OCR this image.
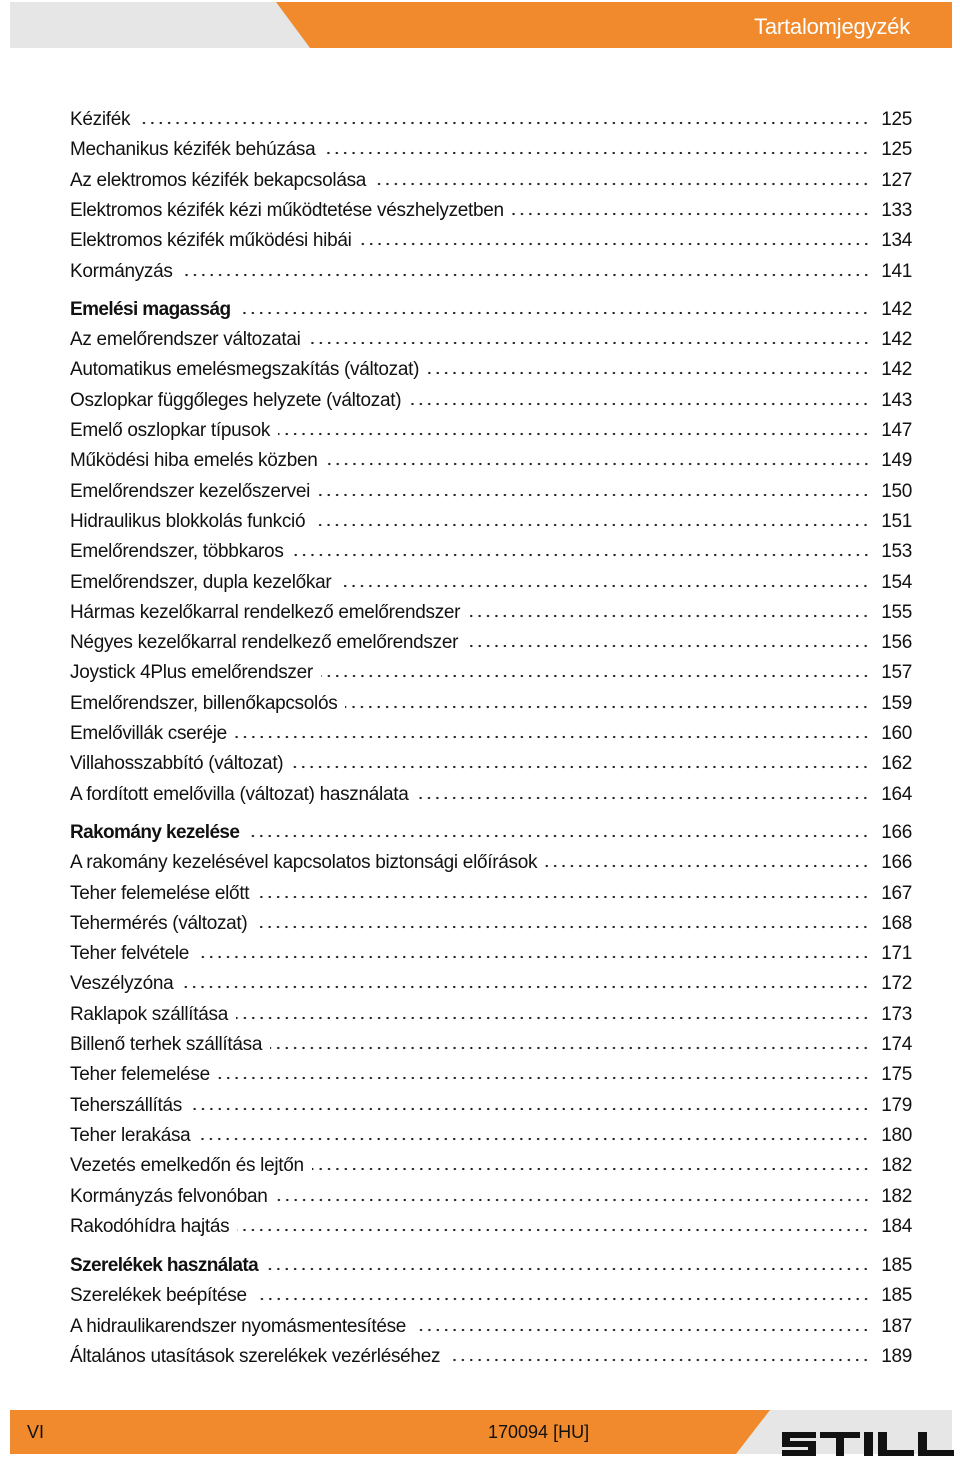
Tartalomjegyzék
Kézifék	125
Mechanikus kézifék behúzása	125
Az elektromos kézifék bekapcsolása	127
Elektromos kézifék kézi működtetése vészhelyzetben	133
Elektromos kézifék működési hibái	134
Kormányzás	141
Emelési magasság	142
Az emelőrendszer változatai	142
Automatikus emelésmegszakítás (változat)	142
Oszlopkar függőleges helyzete (változat)	143
Emelő oszlopkar típusok	147
Működési hiba emelés közben	149
Emelőrendszer kezelőszervei	150
Hidraulikus blokkolás funkció	151
Emelőrendszer, többkaros	153
Emelőrendszer, dupla kezelőkar	154
Hármas kezelőkarral rendelkező emelőrendszer	155
Négyes kezelőkarral rendelkező emelőrendszer	156
Joystick 4Plus emelőrendszer	157
Emelőrendszer, billenőkapcsolós	159
Emelővillák cseréje	160
Villahosszabbító (változat)	162
A fordított emelővilla (változat) használata	164
Rakomány kezelése	166
A rakomány kezelésével kapcsolatos biztonsági előírások	166
Teher felemelése előtt	167
Tehermérés (változat)	168
Teher felvétele	171
Veszélyzóna	172
Raklapok szállítása	173
Billenő terhek szállítása	174
Teher felemelése	175
Teherszállítás	179
Teher lerakása	180
Vezetés emelkedőn és lejtőn	182
Kormányzás felvonóban	182
Rakodóhídra hajtás	184
Szerelékek használata	185
Szerelékek beépítése	185
A hidraulikarendszer nyomásmentesítése	187
Általános utasítások szerelékek vezérléséhez	189
VI	170094 [HU]
